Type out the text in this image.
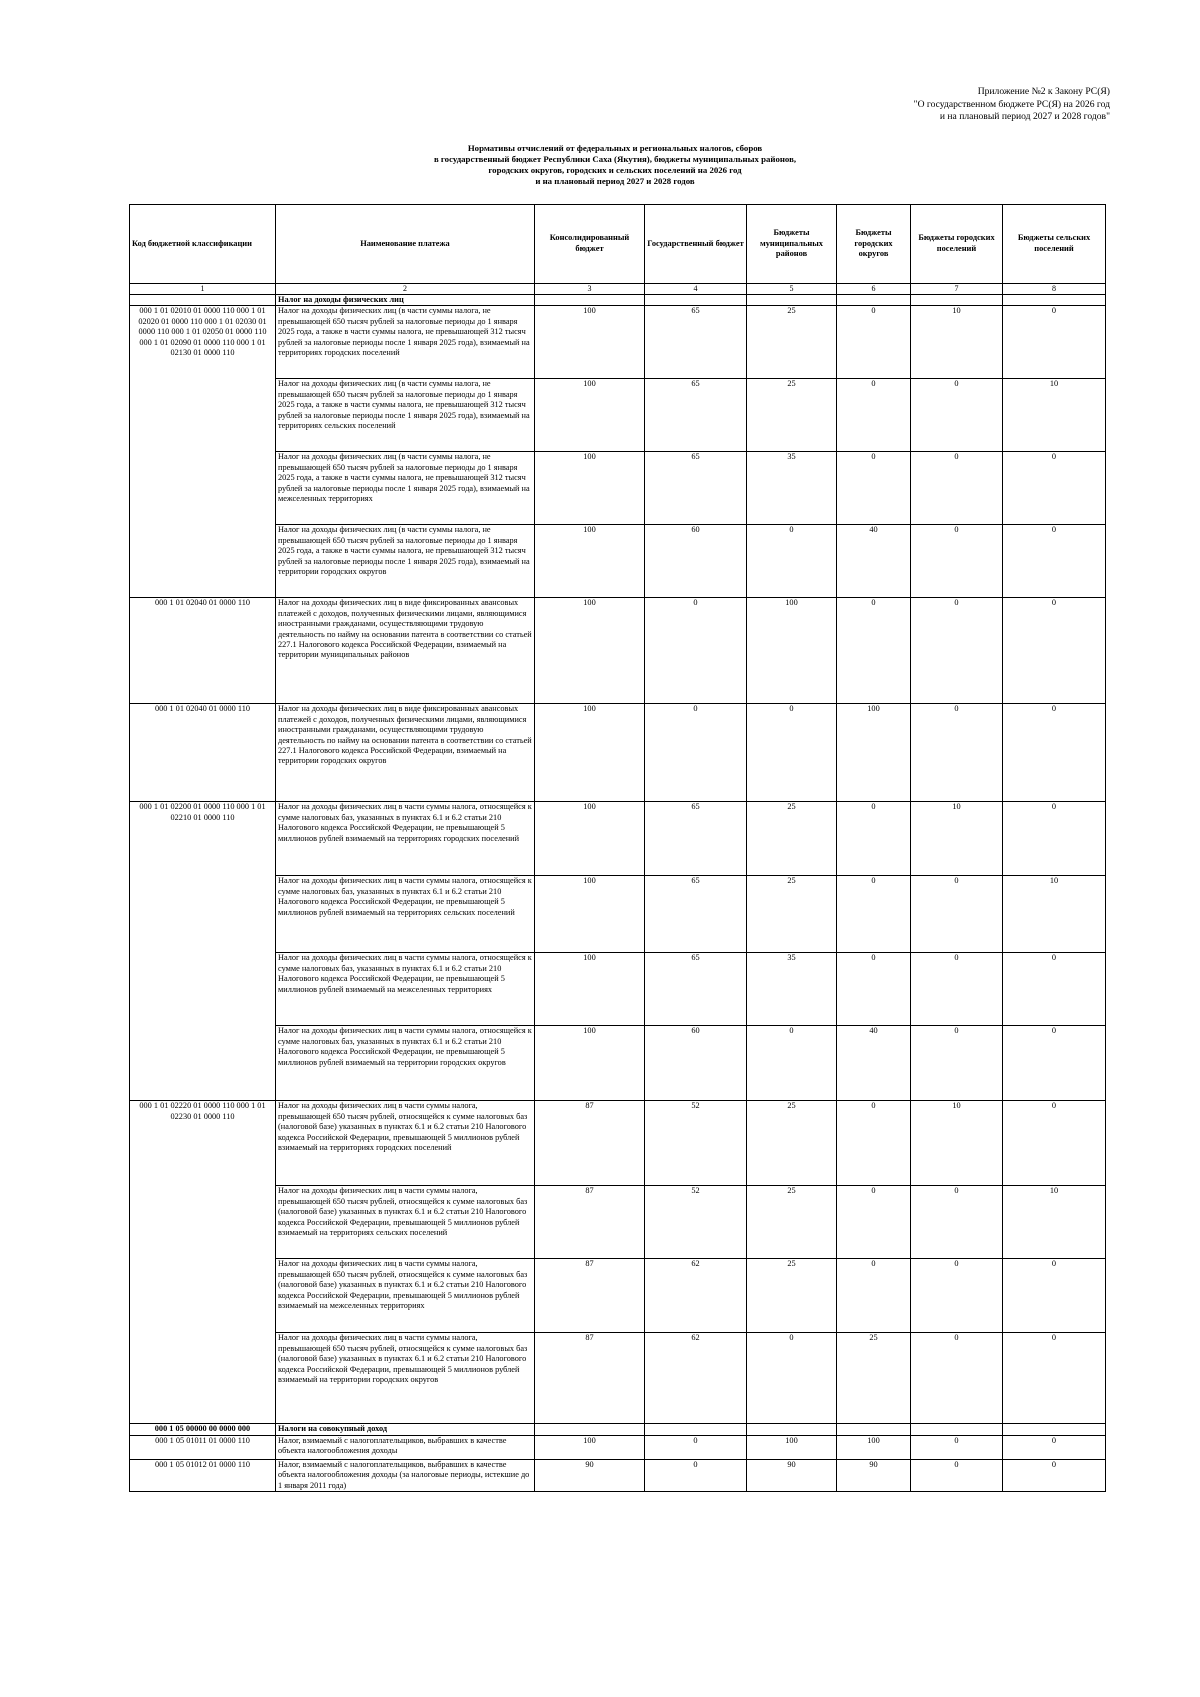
Приложение №2 к Закону РС(Я)
"О государственном бюджете РС(Я) на 2026 год
и на плановый период 2027 и 2028 годов"
Нормативы отчислений от федеральных и региональных налогов, сборов
в государственный бюджет Республики Саха (Якутия), бюджеты муниципальных районов,
городских округов, городских и сельских поселений на 2026 год
и на плановый период 2027 и 2028 годов
Код бюджетной классификации	Наименование платежа	Консолидированный бюджет	Государственный бюджет	Бюджеты муниципальных районов	Бюджеты городских округов	Бюджеты городских поселений	Бюджеты сельских поселений
1	2	3	4	5	6	7	8
	Налог на доходы физических лиц						
000 1 01 02010 01 0000 110 000 1 01 02020 01 0000 110 000 1 01 02030 01 0000 110 000 1 01 02050 01 0000 110 000 1 01 02090 01 0000 110 000 1 01 02130 01 0000 110	Налог на доходы физических лиц (в части суммы налога, не превышающей 650 тысяч рублей за налоговые периоды до 1 января 2025 года, а также в части суммы налога, не превышающей 312 тысяч рублей за налоговые периоды после 1 января 2025 года), взимаемый на территориях городских поселений	100	65	25	0	10	0
	Налог на доходы физических лиц (в части суммы налога, не превышающей 650 тысяч рублей за налоговые периоды до 1 января 2025 года, а также в части суммы налога, не превышающей 312 тысяч рублей за налоговые периоды после 1 января 2025 года), взимаемый на территориях сельских поселений	100	65	25	0	0	10
	Налог на доходы физических лиц (в части суммы налога, не превышающей 650 тысяч рублей за налоговые периоды до 1 января 2025 года, а также в части суммы налога, не превышающей 312 тысяч рублей за налоговые периоды после 1 января 2025 года), взимаемый на межселенных территориях	100	65	35	0	0	0
	Налог на доходы физических лиц (в части суммы налога, не превышающей 650 тысяч рублей за налоговые периоды до 1 января 2025 года, а также в части суммы налога, не превышающей 312 тысяч рублей за налоговые периоды после 1 января 2025 года), взимаемый на территории городских округов	100	60	0	40	0	0
000 1 01 02040 01 0000 110	Налог на доходы физических лиц в виде фиксированных авансовых платежей с доходов, полученных физическими лицами, являющимися иностранными гражданами, осуществляющими трудовую деятельность по найму на основании патента в соответствии со статьей 227.1 Налогового кодекса Российской Федерации, взимаемый на территории муниципальных районов	100	0	100	0	0	0
000 1 01 02040 01 0000 110	Налог на доходы физических лиц в виде фиксированных авансовых платежей с доходов, полученных физическими лицами, являющимися иностранными гражданами, осуществляющими трудовую деятельность по найму на основании патента в соответствии со статьей 227.1 Налогового кодекса Российской Федерации, взимаемый на территории городских округов	100	0	0	100	0	0
000 1 01 02200 01 0000 110 000 1 01 02210 01 0000 110	Налог на доходы физических лиц в части суммы налога, относящейся к сумме налоговых баз, указанных в пунктах 6.1 и 6.2 статьи 210 Налогового кодекса Российской Федерации, не превышающей 5 миллионов рублей взимаемый на территориях городских поселений	100	65	25	0	10	0
	Налог на доходы физических лиц в части суммы налога, относящейся к сумме налоговых баз, указанных в пунктах 6.1 и 6.2 статьи 210 Налогового кодекса Российской Федерации, не превышающей 5 миллионов рублей взимаемый на территориях сельских поселений	100	65	25	0	0	10
	Налог на доходы физических лиц в части суммы налога, относящейся к сумме налоговых баз, указанных в пунктах 6.1 и 6.2 статьи 210 Налогового кодекса Российской Федерации, не превышающей 5 миллионов рублей взимаемый на межселенных территориях	100	65	35	0	0	0
	Налог на доходы физических лиц в части суммы налога, относящейся к сумме налоговых баз, указанных в пунктах 6.1 и 6.2 статьи 210 Налогового кодекса Российской Федерации, не превышающей 5 миллионов рублей взимаемый на территории городских округов	100	60	0	40	0	0
000 1 01 02220 01 0000 110 000 1 01 02230 01 0000 110	Налог на доходы физических лиц в части суммы налога, превышающей 650 тысяч рублей, относящейся к сумме налоговых баз (налоговой базе) указанных в пунктах 6.1 и 6.2 статьи 210 Налогового кодекса Российской Федерации, превышающей 5 миллионов рублей взимаемый на территориях городских поселений	87	52	25	0	10	0
	Налог на доходы физических лиц в части суммы налога, превышающей 650 тысяч рублей, относящейся к сумме налоговых баз (налоговой базе) указанных в пунктах 6.1 и 6.2 статьи 210 Налогового кодекса Российской Федерации, превышающей 5 миллионов рублей взимаемый на территориях сельских поселений	87	52	25	0	0	10
	Налог на доходы физических лиц в части суммы налога, превышающей 650 тысяч рублей, относящейся к сумме налоговых баз (налоговой базе) указанных в пунктах 6.1 и 6.2 статьи 210 Налогового кодекса Российской Федерации, превышающей 5 миллионов рублей взимаемый на межселенных территориях	87	62	25	0	0	0
	Налог на доходы физических лиц в части суммы налога, превышающей 650 тысяч рублей, относящейся к сумме налоговых баз (налоговой базе) указанных в пунктах 6.1 и 6.2 статьи 210 Налогового кодекса Российской Федерации, превышающей 5 миллионов рублей взимаемый на территории городских округов	87	62	0	25	0	0
000 1 05 00000 00 0000 000	Налоги на совокупный доход						
000 1 05 01011 01 0000 110	Налог, взимаемый с налогоплательщиков, выбравших в качестве объекта налогообложения доходы	100	0	100	100	0	0
000 1 05 01012 01 0000 110	Налог, взимаемый с налогоплательщиков, выбравших в качестве объекта налогообложения доходы (за налоговые периоды, истекшие до 1 января 2011 года)	90	0	90	90	0	0
